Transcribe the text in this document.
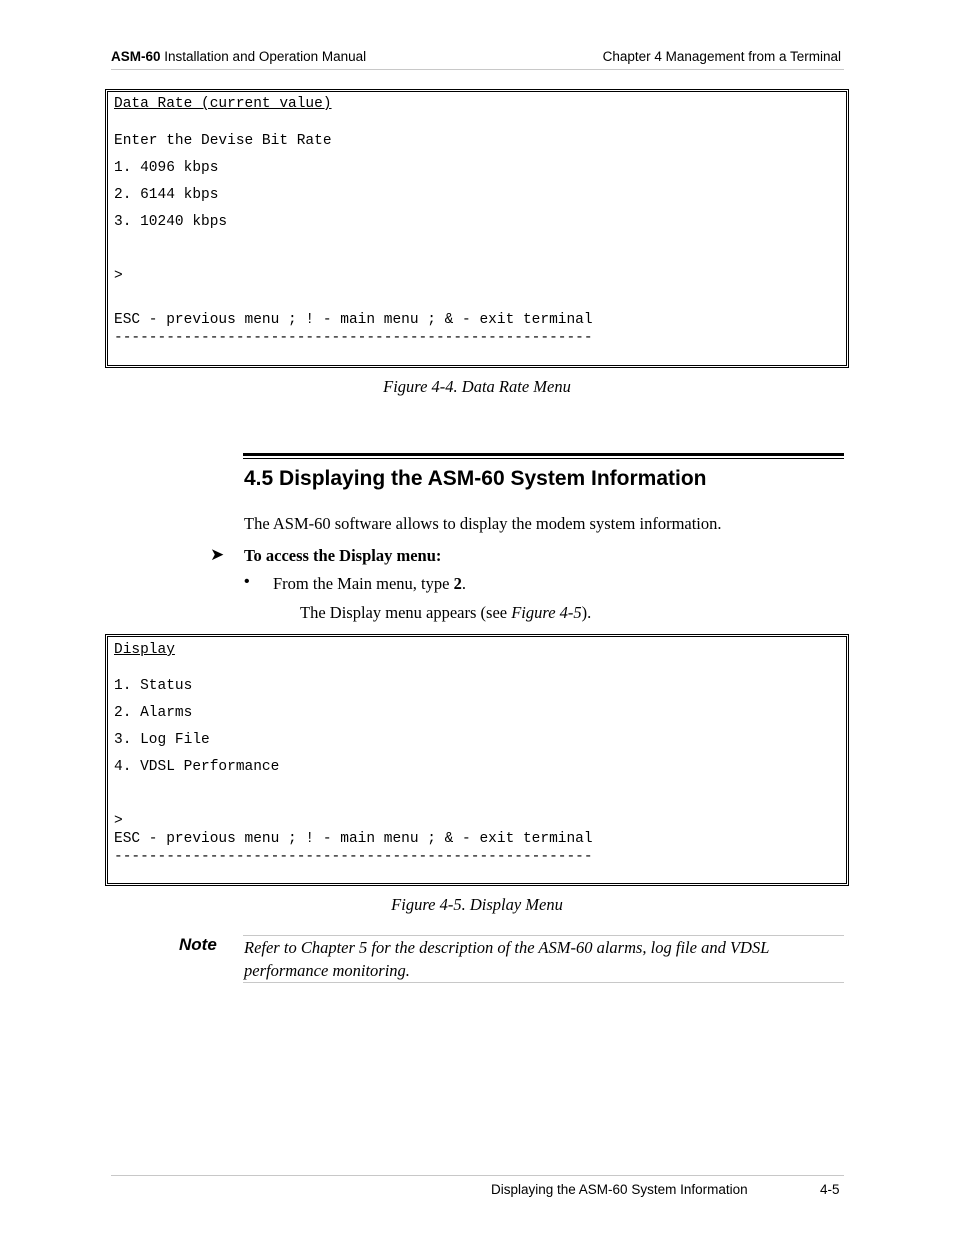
ASM-60 Installation and Operation Manual	Chapter 4 Management from a Terminal
Data Rate (current value)
Enter the Devise Bit Rate
1. 4096 kbps
2. 6144 kbps
3. 10240 kbps
>
ESC - previous menu ; ! - main menu ; & - exit terminal
-------------------------------------------------------
Figure 4-4. Data Rate Menu
4.5 Displaying the ASM-60 System Information
The ASM-60 software allows to display the modem system information.
➤ To access the Display menu:
• From the Main menu, type 2.
The Display menu appears (see Figure 4-5).
Display
1. Status
2. Alarms
3. Log File
4. VDSL Performance
>
ESC - previous menu ; ! - main menu ; & - exit terminal
-------------------------------------------------------
Figure 4-5. Display Menu
Note Refer to Chapter 5 for the description of the ASM-60 alarms, log file and VDSL performance monitoring.
Displaying the ASM-60 System Information	4-5
